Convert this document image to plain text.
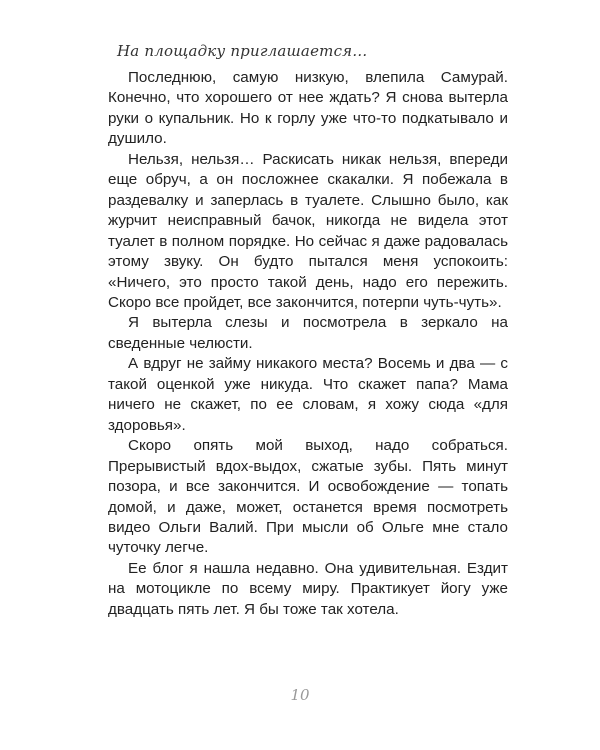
На площадку приглашается…

Последнюю, самую низкую, влепила Самурай. Конечно, что хорошего от нее ждать? Я снова вытерла руки о купальник. Но к горлу уже что-то подкатывало и душило.

Нельзя, нельзя… Раскисать никак нельзя, впереди еще обруч, а он посложнее скакалки. Я побежала в раздевалку и заперлась в туалете. Слышно было, как журчит неисправный бачок, никогда не видела этот туалет в полном порядке. Но сейчас я даже радовалась этому звуку. Он будто пытался меня успокоить: «Ничего, это просто такой день, надо его пережить. Скоро все пройдет, все закончится, потерпи чуть-чуть».

Я вытерла слезы и посмотрела в зеркало на сведенные челюсти.

А вдруг не займу никакого места? Восемь и два — с такой оценкой уже никуда. Что скажет папа? Мама ничего не скажет, по ее словам, я хожу сюда «для здоровья».

Скоро опять мой выход, надо собраться. Прерывистый вдох-выдох, сжатые зубы. Пять минут позора, и все закончится. И освобождение — топать домой, и даже, может, останется время посмотреть видео Ольги Валий. При мысли об Ольге мне стало чуточку легче.

Ее блог я нашла недавно. Она удивительная. Ездит на мотоцикле по всему миру. Практикует йогу уже двадцать пять лет. Я бы тоже так хотела.

10
